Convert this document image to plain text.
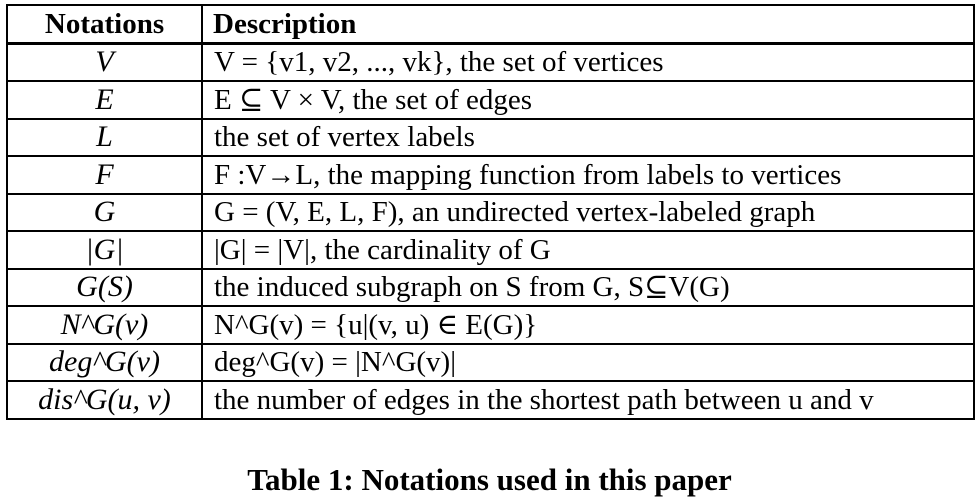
Notations	Description
V	V = {v1, v2, ..., vk}, the set of vertices
E	E ⊆ V × V, the set of edges
L	the set of vertex labels
F	F :V→L, the mapping function from labels to vertices
G	G = (V, E, L, F), an undirected vertex-labeled graph
|G|	|G| = |V|, the cardinality of G
G(S)	the induced subgraph on S from G, S⊆V(G)
N^G(v)	N^G(v) = {u|(v, u) ∈ E(G)}
deg^G(v)	deg^G(v) = |N^G(v)|
dis^G(u, v)	the number of edges in the shortest path between u and v
Table 1: Notations used in this paper
